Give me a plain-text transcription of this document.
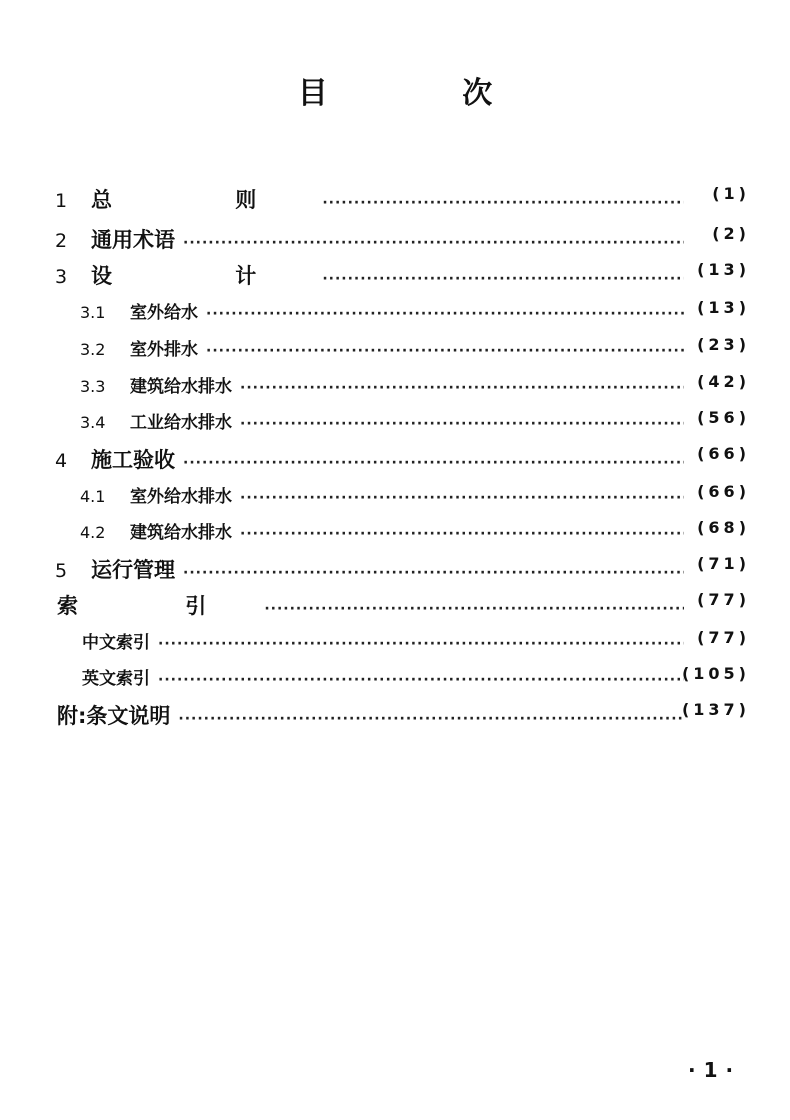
目 次
1	总 则 ·····	(1)
2	通用术语 ·····	(2)
3	设 计 ·····	(13)
3.1	室外给水 ·····	(13)
3.2	室外排水 ·····	(23)
3.3	建筑给水排水 ·····	(42)
3.4	工业给水排水 ·····	(56)
4	施工验收 ·····	(66)
4.1	室外给水排水 ·····	(66)
4.2	建筑给水排水 ·····	(68)
5	运行管理 ·····	(71)
索 引 ·····	(77)
中文索引 ·····	(77)
英文索引 ·····	(105)
附:条文说明 ·····	(137)
·1·
